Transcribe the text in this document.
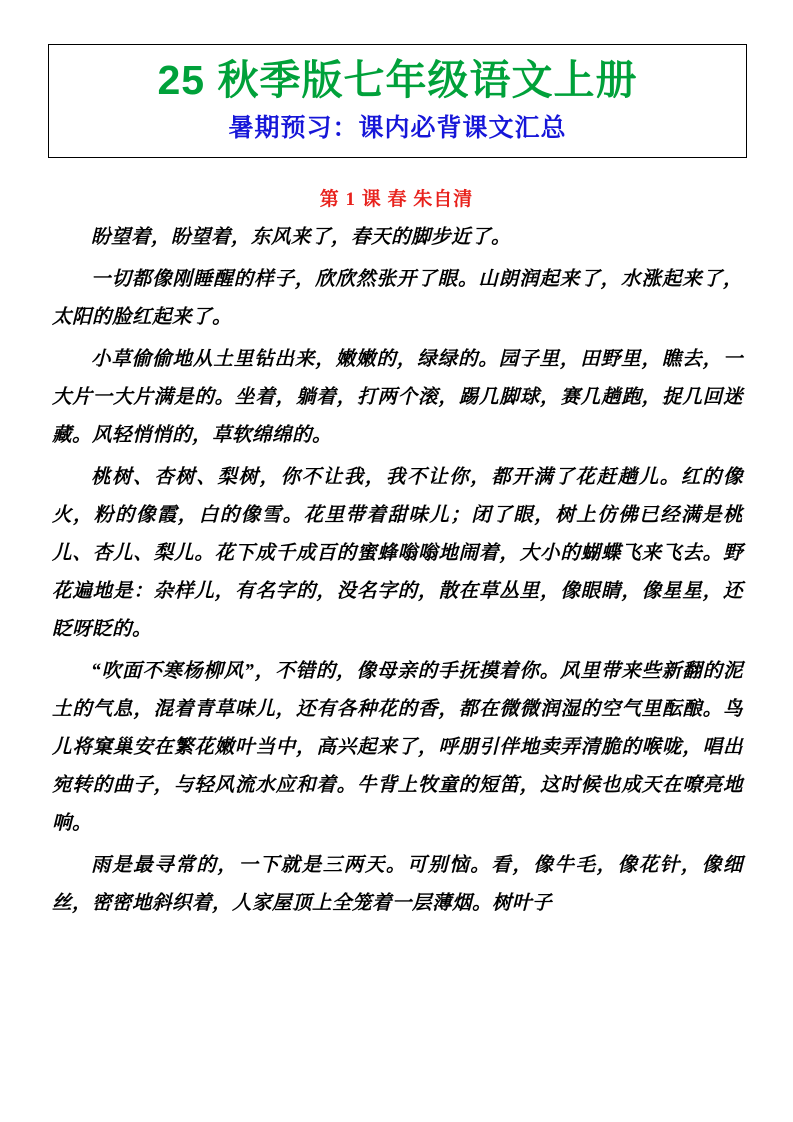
25 秋季版七年级语文上册
暑期预习：课内必背课文汇总
第 1 课 春 朱自清

盼望着，盼望着，东风来了，春天的脚步近了。

一切都像刚睡醒的样子，欣欣然张开了眼。山朗润起来了，水涨起来了，太阳的脸红起来了。

小草偷偷地从土里钻出来，嫩嫩的，绿绿的。园子里，田野里，瞧去，一大片一大片满是的。坐着，躺着，打两个滚，踢几脚球，赛几趟跑，捉几回迷藏。风轻悄悄的，草软绵绵的。

桃树、杏树、梨树，你不让我，我不让你，都开满了花赶趟儿。红的像火，粉的像霞，白的像雪。花里带着甜味儿；闭了眼，树上仿佛已经满是桃儿、杏儿、梨儿。花下成千成百的蜜蜂嗡嗡地闹着，大小的蝴蝶飞来飞去。野花遍地是：杂样儿，有名字的，没名字的，散在草丛里，像眼睛，像星星，还眨呀眨的。

“吹面不寒杨柳风”，不错的，像母亲的手抚摸着你。风里带来些新翻的泥土的气息，混着青草味儿，还有各种花的香，都在微微润湿的空气里酝酿。鸟儿将窠巢安在繁花嫩叶当中，高兴起来了，呼朋引伴地卖弄清脆的喉咙，唱出宛转的曲子，与轻风流水应和着。牛背上牧童的短笛，这时候也成天在嘹亮地响。

雨是最寻常的，一下就是三两天。可别恼。看，像牛毛，像花针，像细丝，密密地斜织着，人家屋顶上全笼着一层薄烟。树叶子
